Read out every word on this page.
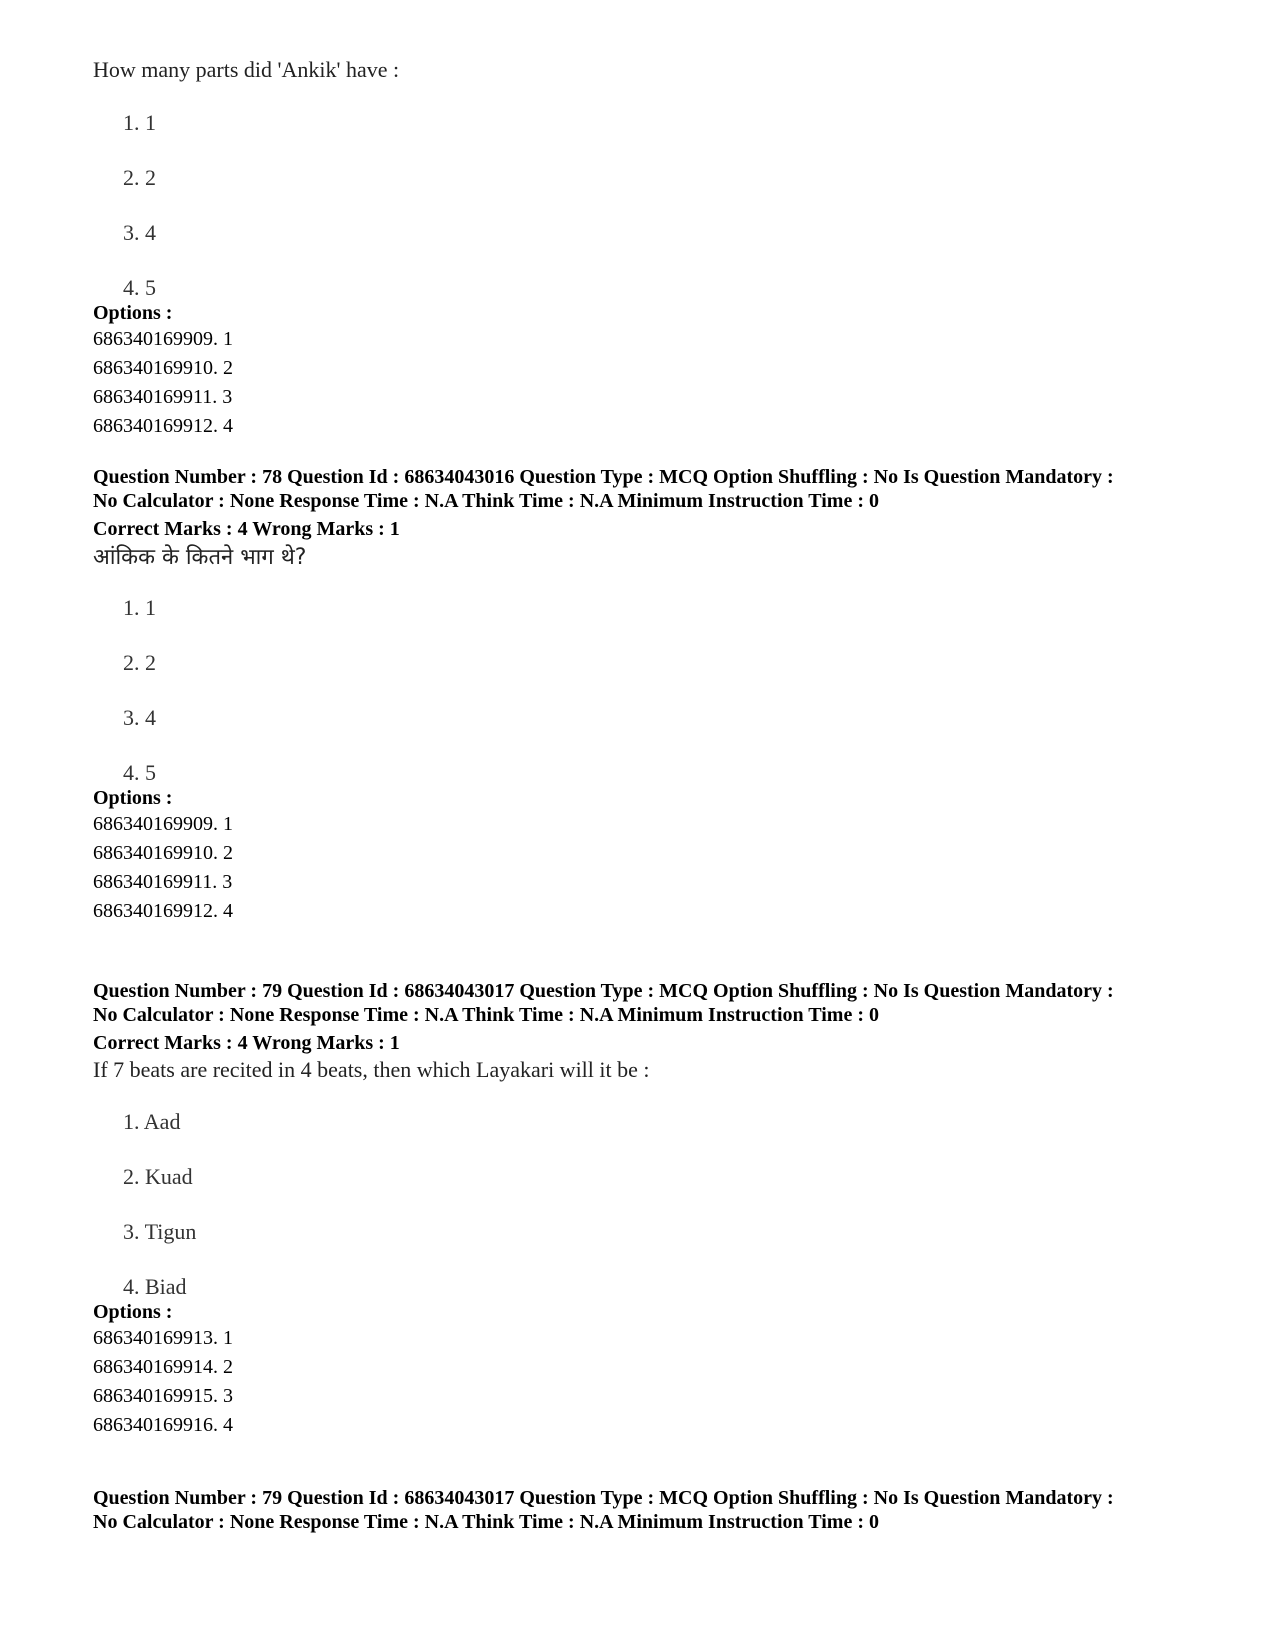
How many parts did 'Ankik' have :

1. 1
2. 2
3. 4
4. 5
Options :
686340169909. 1
686340169910. 2
686340169911. 3
686340169912. 4

Question Number : 78 Question Id : 68634043016 Question Type : MCQ Option Shuffling : No Is Question Mandatory :

No Calculator : None Response Time : N.A Think Time : N.A Minimum Instruction Time : 0

Correct Marks : 4 Wrong Marks : 1

आंकिक के कितने भाग थे?

1. 1
2. 2
3. 4
4. 5
Options :
686340169909. 1
686340169910. 2
686340169911. 3
686340169912. 4

Question Number : 79 Question Id : 68634043017 Question Type : MCQ Option Shuffling : No Is Question Mandatory :

No Calculator : None Response Time : N.A Think Time : N.A Minimum Instruction Time : 0

Correct Marks : 4 Wrong Marks : 1

If 7 beats are recited in 4 beats, then which Layakari will it be :

1. Aad
2. Kuad
3. Tigun
4. Biad
Options :
686340169913. 1
686340169914. 2
686340169915. 3
686340169916. 4

Question Number : 79 Question Id : 68634043017 Question Type : MCQ Option Shuffling : No Is Question Mandatory :

No Calculator : None Response Time : N.A Think Time : N.A Minimum Instruction Time : 0
